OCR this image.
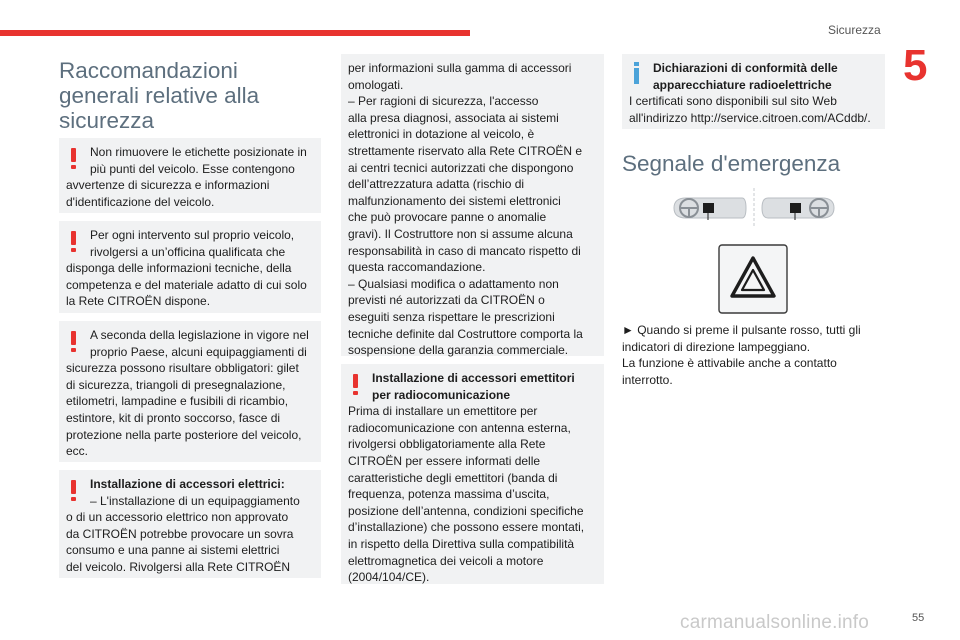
Sicurezza
5
Raccomandazioni
generali relative alla
sicurezza
Non rimuovere le etichette posizionate in
più punti del veicolo. Esse contengono
avvertenze di sicurezza e informazioni
d'identificazione del veicolo.
Per ogni intervento sul proprio veicolo,
rivolgersi a un’officina qualificata che
disponga delle informazioni tecniche, della
competenza e del materiale adatto di cui solo
la Rete CITROËN dispone.
A seconda della legislazione in vigore nel
proprio Paese, alcuni equipaggiamenti di
sicurezza possono risultare obbligatori: gilet
di sicurezza, triangoli di presegnalazione,
etilometri, lampadine e fusibili di ricambio,
estintore, kit di pronto soccorso, fasce di
protezione nella parte posteriore del veicolo,
ecc.
Installazione di accessori elettrici:
– L'installazione di un equipaggiamento
o di un accessorio elettrico non approvato
da CITROËN potrebbe provocare un sovra
consumo e una panne ai sistemi elettrici
del veicolo. Rivolgersi alla Rete CITROËN
per informazioni sulla gamma di accessori
omologati.
– Per ragioni di sicurezza, l'accesso
alla presa diagnosi, associata ai sistemi
elettronici in dotazione al veicolo, è
strettamente riservato alla Rete CITROËN e
ai centri tecnici autorizzati che dispongono
dell’attrezzatura adatta (rischio di
malfunzionamento dei sistemi elettronici
che può provocare panne o anomalie
gravi). Il Costruttore non si assume alcuna
responsabilità in caso di mancato rispetto di
questa raccomandazione.
– Qualsiasi modifica o adattamento non
previsti né autorizzati da CITROËN o
eseguiti senza rispettare le prescrizioni
tecniche definite dal Costruttore comporta la
sospensione della garanzia commerciale.
Installazione di accessori emettitori
per radiocomunicazione
Prima di installare un emettitore per
radiocomunicazione con antenna esterna,
rivolgersi obbligatoriamente alla Rete
CITROËN per essere informati delle
caratteristiche degli emettitori (banda di
frequenza, potenza massima d’uscita,
posizione dell’antenna, condizioni specifiche
d’installazione) che possono essere montati,
in rispetto della Direttiva sulla compatibilità
elettromagnetica dei veicoli a motore
(2004/104/CE).
Dichiarazioni di conformità delle
apparecchiature radioelettriche
I certificati sono disponibili sul sito Web
all'indirizzo http://service.citroen.com/ACddb/.
Segnale d'emergenza
► Quando si preme il pulsante rosso, tutti gli
indicatori di direzione lampeggiano.
La funzione è attivabile anche a contatto
interrotto.
carmanualsonline.info	55
